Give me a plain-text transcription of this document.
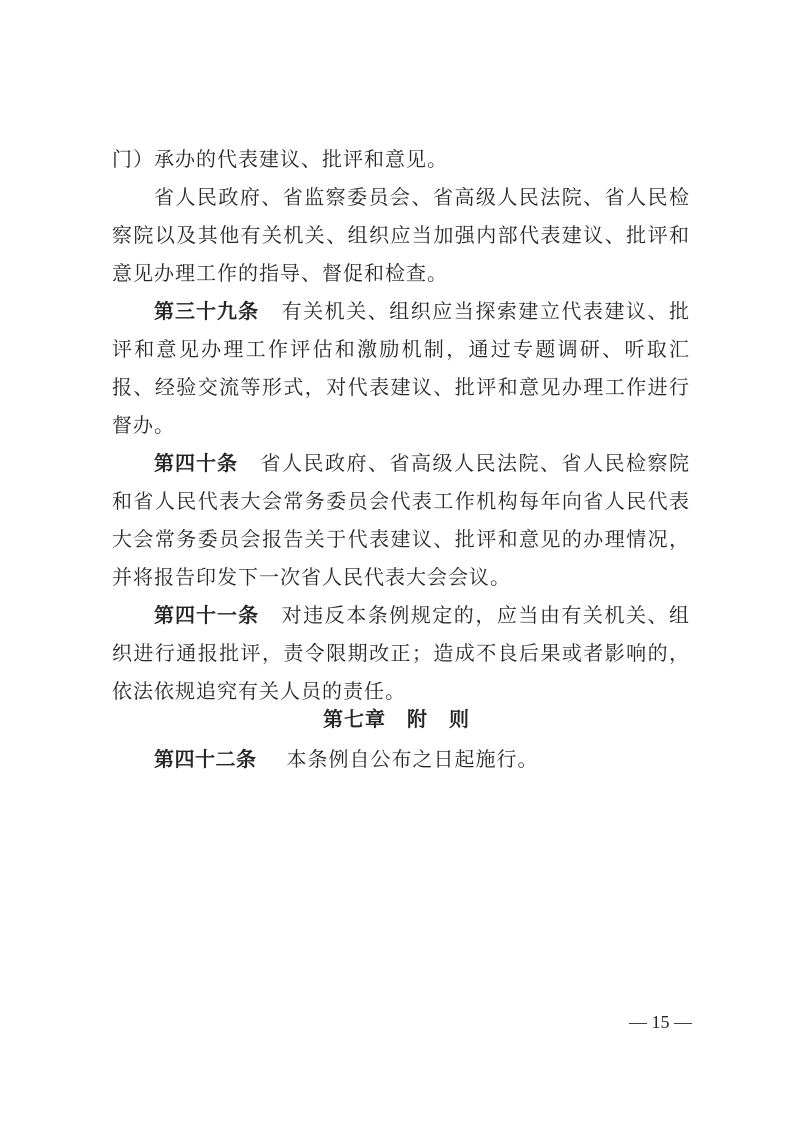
门）承办的代表建议、批评和意见。

省人民政府、省监察委员会、省高级人民法院、省人民检察院以及其他有关机关、组织应当加强内部代表建议、批评和意见办理工作的指导、督促和检查。

第三十九条 有关机关、组织应当探索建立代表建议、批评和意见办理工作评估和激励机制，通过专题调研、听取汇报、经验交流等形式，对代表建议、批评和意见办理工作进行督办。

第四十条 省人民政府、省高级人民法院、省人民检察院和省人民代表大会常务委员会代表工作机构每年向省人民代表大会常务委员会报告关于代表建议、批评和意见的办理情况，并将报告印发下一次省人民代表大会会议。

第四十一条 对违反本条例规定的，应当由有关机关、组织进行通报批评，责令限期改正；造成不良后果或者影响的，依法依规追究有关人员的责任。

第七章　附　则
第四十二条 本条例自公布之日起施行。
— 15 —
